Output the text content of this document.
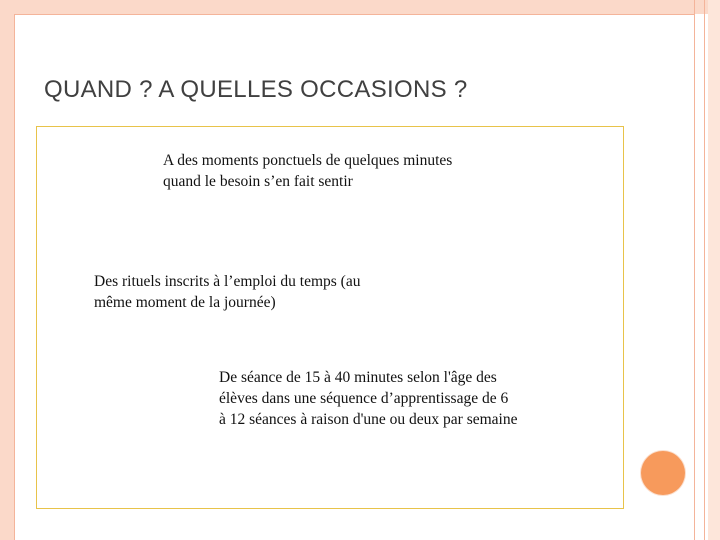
QUAND ? A QUELLES OCCASIONS ?
A des moments ponctuels de quelques minutes
quand le besoin s’en fait sentir
Des rituels inscrits à l’emploi du temps (au
même moment de la journée)
De séance de 15 à 40 minutes selon l'âge des
élèves dans une séquence d’apprentissage de 6
à 12 séances à raison d'une ou deux par semaine
